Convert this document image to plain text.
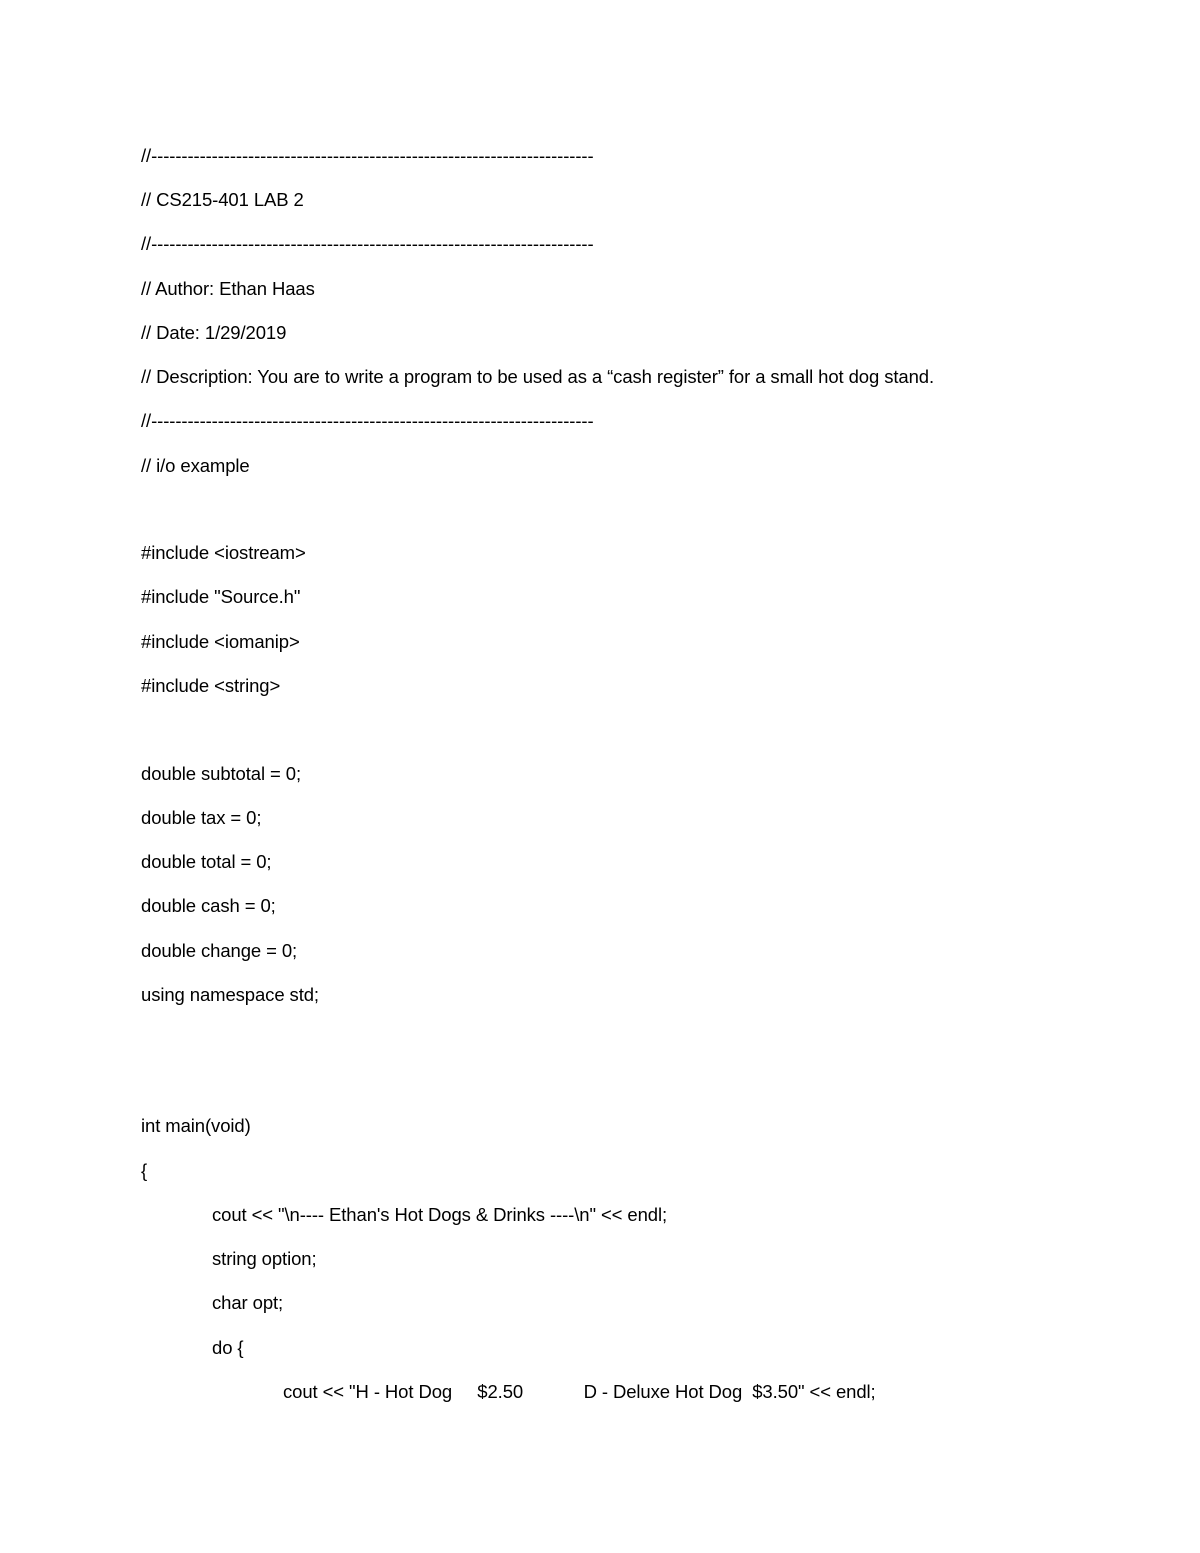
//-------------------------------------------------------------------------
// CS215-401 LAB 2
//-------------------------------------------------------------------------
// Author: Ethan Haas
// Date: 1/29/2019
// Description: You are to write a program to be used as a “cash register” for a small hot dog stand.
//-------------------------------------------------------------------------
// i/o example
#include <iostream>
#include "Source.h"
#include <iomanip>
#include <string>
double subtotal = 0;
double tax = 0;
double total = 0;
double cash = 0;
double change = 0;
using namespace std;
int main(void)
{
cout << "\n---- Ethan's Hot Dogs & Drinks ----\n" << endl;
string option;
char opt;
do {
cout << "H - Hot Dog     $2.50            D - Deluxe Hot Dog  $3.50" << endl;
